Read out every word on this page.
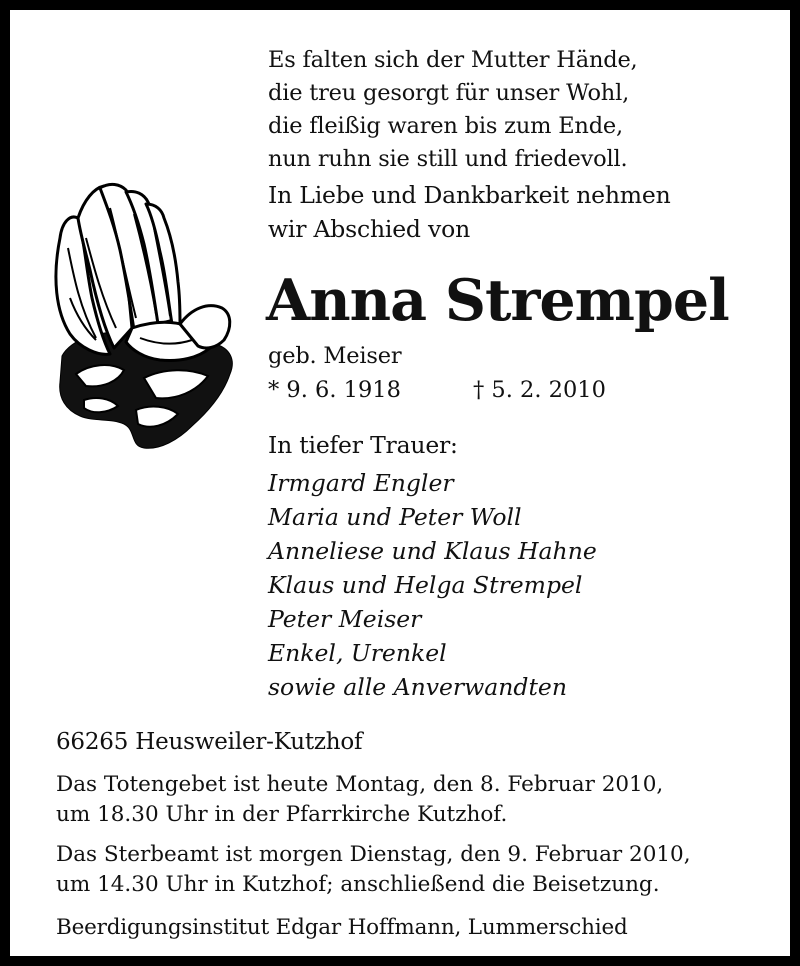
Es falten sich der Mutter Hände,
die treu gesorgt für unser Wohl,
die fleißig waren bis zum Ende,
nun ruhn sie still und friedevoll.
In Liebe und Dankbarkeit nehmen
wir Abschied von
Anna Strempel
geb. Meiser
* 9. 6. 1918	† 5. 2. 2010
In tiefer Trauer:
Irmgard Engler
Maria und Peter Woll
Anneliese und Klaus Hahne
Klaus und Helga Strempel
Peter Meiser
Enkel, Urenkel
sowie alle Anverwandten
66265 Heusweiler-Kutzhof
Das Totengebet ist heute Montag, den 8. Februar 2010,
um 18.30 Uhr in der Pfarrkirche Kutzhof.
Das Sterbeamt ist morgen Dienstag, den 9. Februar 2010,
um 14.30 Uhr in Kutzhof; anschließend die Beisetzung.
Beerdigungsinstitut Edgar Hoffmann, Lummerschied
